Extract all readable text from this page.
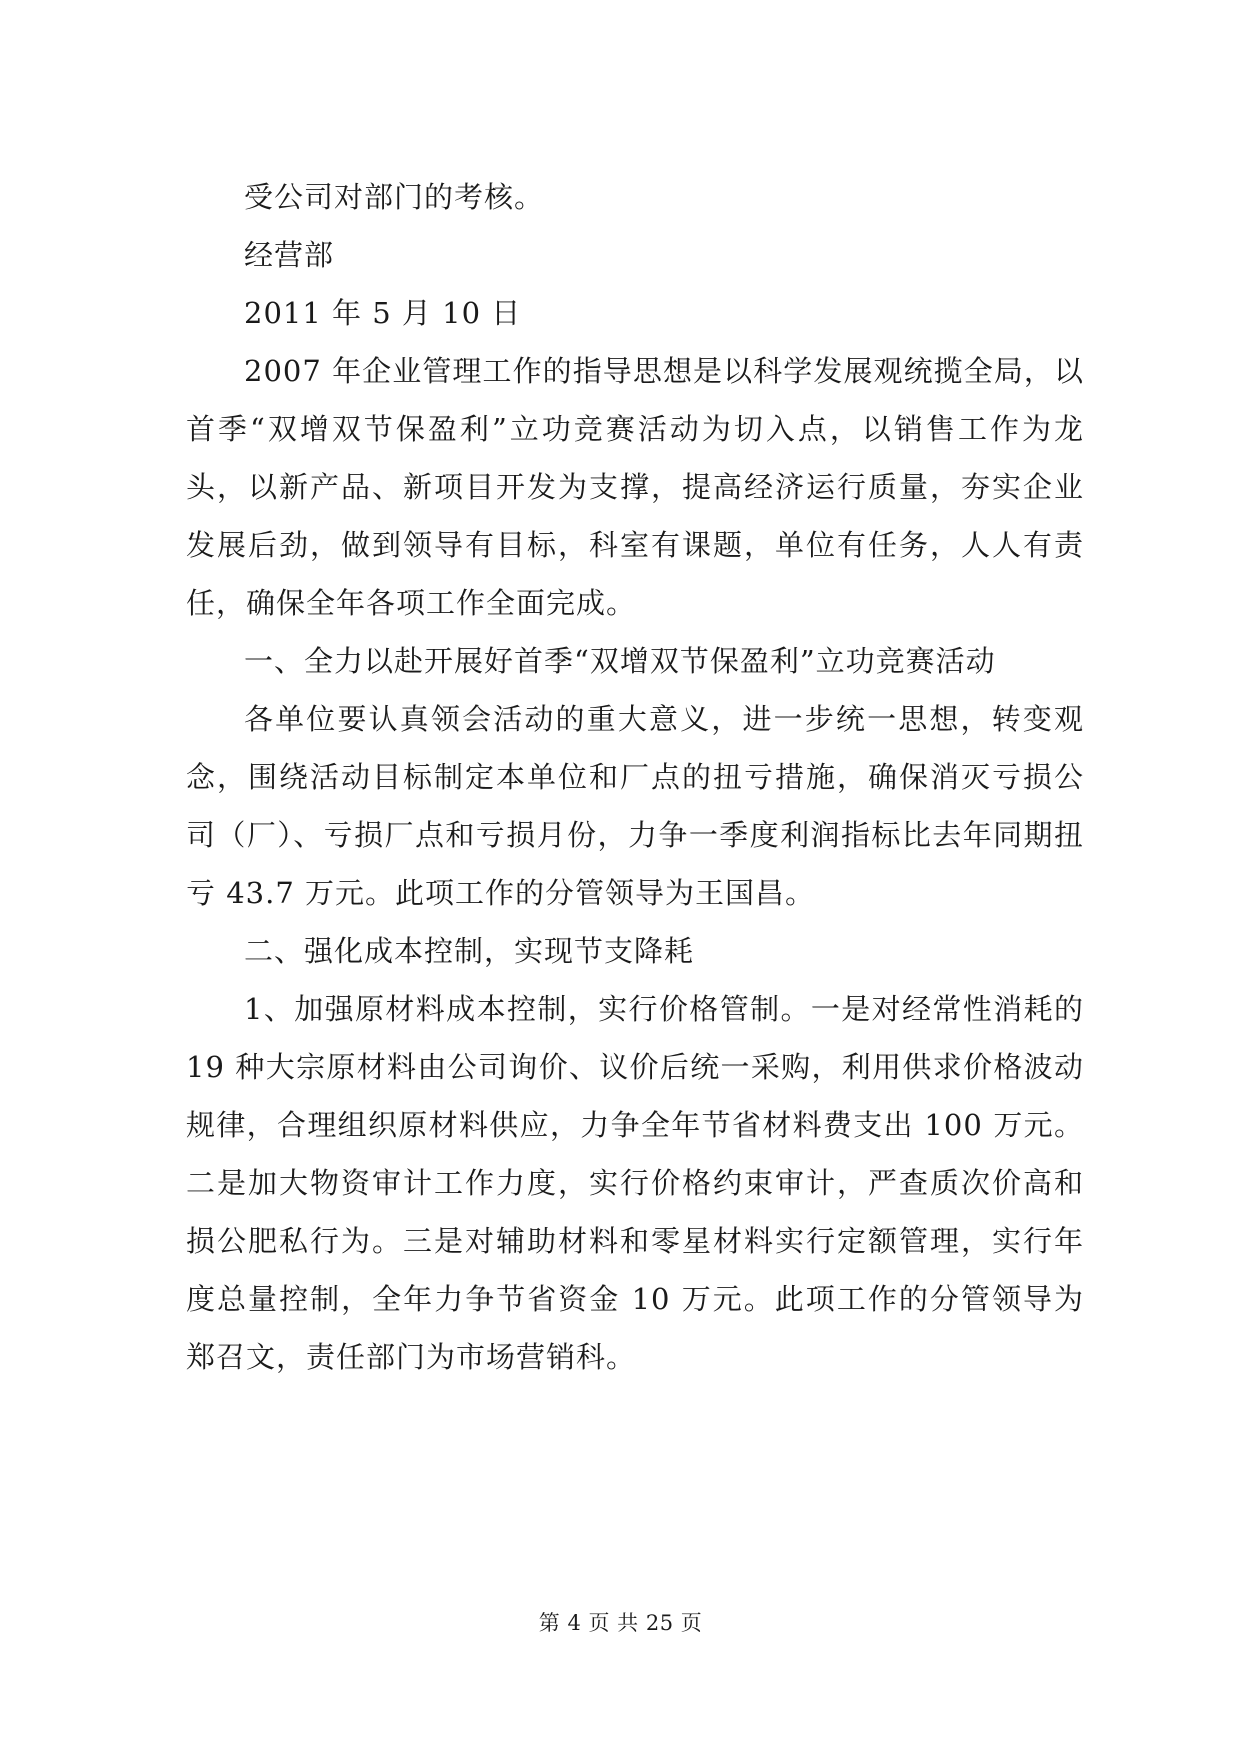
受公司对部门的考核。

经营部

2011 年 5 月 10 日

2007 年企业管理工作的指导思想是以科学发展观统揽全局，以首季“双增双节保盈利”立功竞赛活动为切入点，以销售工作为龙头，以新产品、新项目开发为支撑，提高经济运行质量，夯实企业发展后劲，做到领导有目标，科室有课题，单位有任务，人人有责任，确保全年各项工作全面完成。

一、全力以赴开展好首季“双增双节保盈利”立功竞赛活动

各单位要认真领会活动的重大意义，进一步统一思想，转变观念，围绕活动目标制定本单位和厂点的扭亏措施，确保消灭亏损公司（厂）、亏损厂点和亏损月份，力争一季度利润指标比去年同期扭亏 43.7 万元。此项工作的分管领导为王国昌。

二、强化成本控制，实现节支降耗

1、加强原材料成本控制，实行价格管制。一是对经常性消耗的 19 种大宗原材料由公司询价、议价后统一采购，利用供求价格波动规律，合理组织原材料供应，力争全年节省材料费支出 100 万元。二是加大物资审计工作力度，实行价格约束审计，严查质次价高和损公肥私行为。三是对辅助材料和零星材料实行定额管理，实行年度总量控制，全年力争节省资金 10 万元。此项工作的分管领导为郑召文，责任部门为市场营销科。

第 4 页 共 25 页
